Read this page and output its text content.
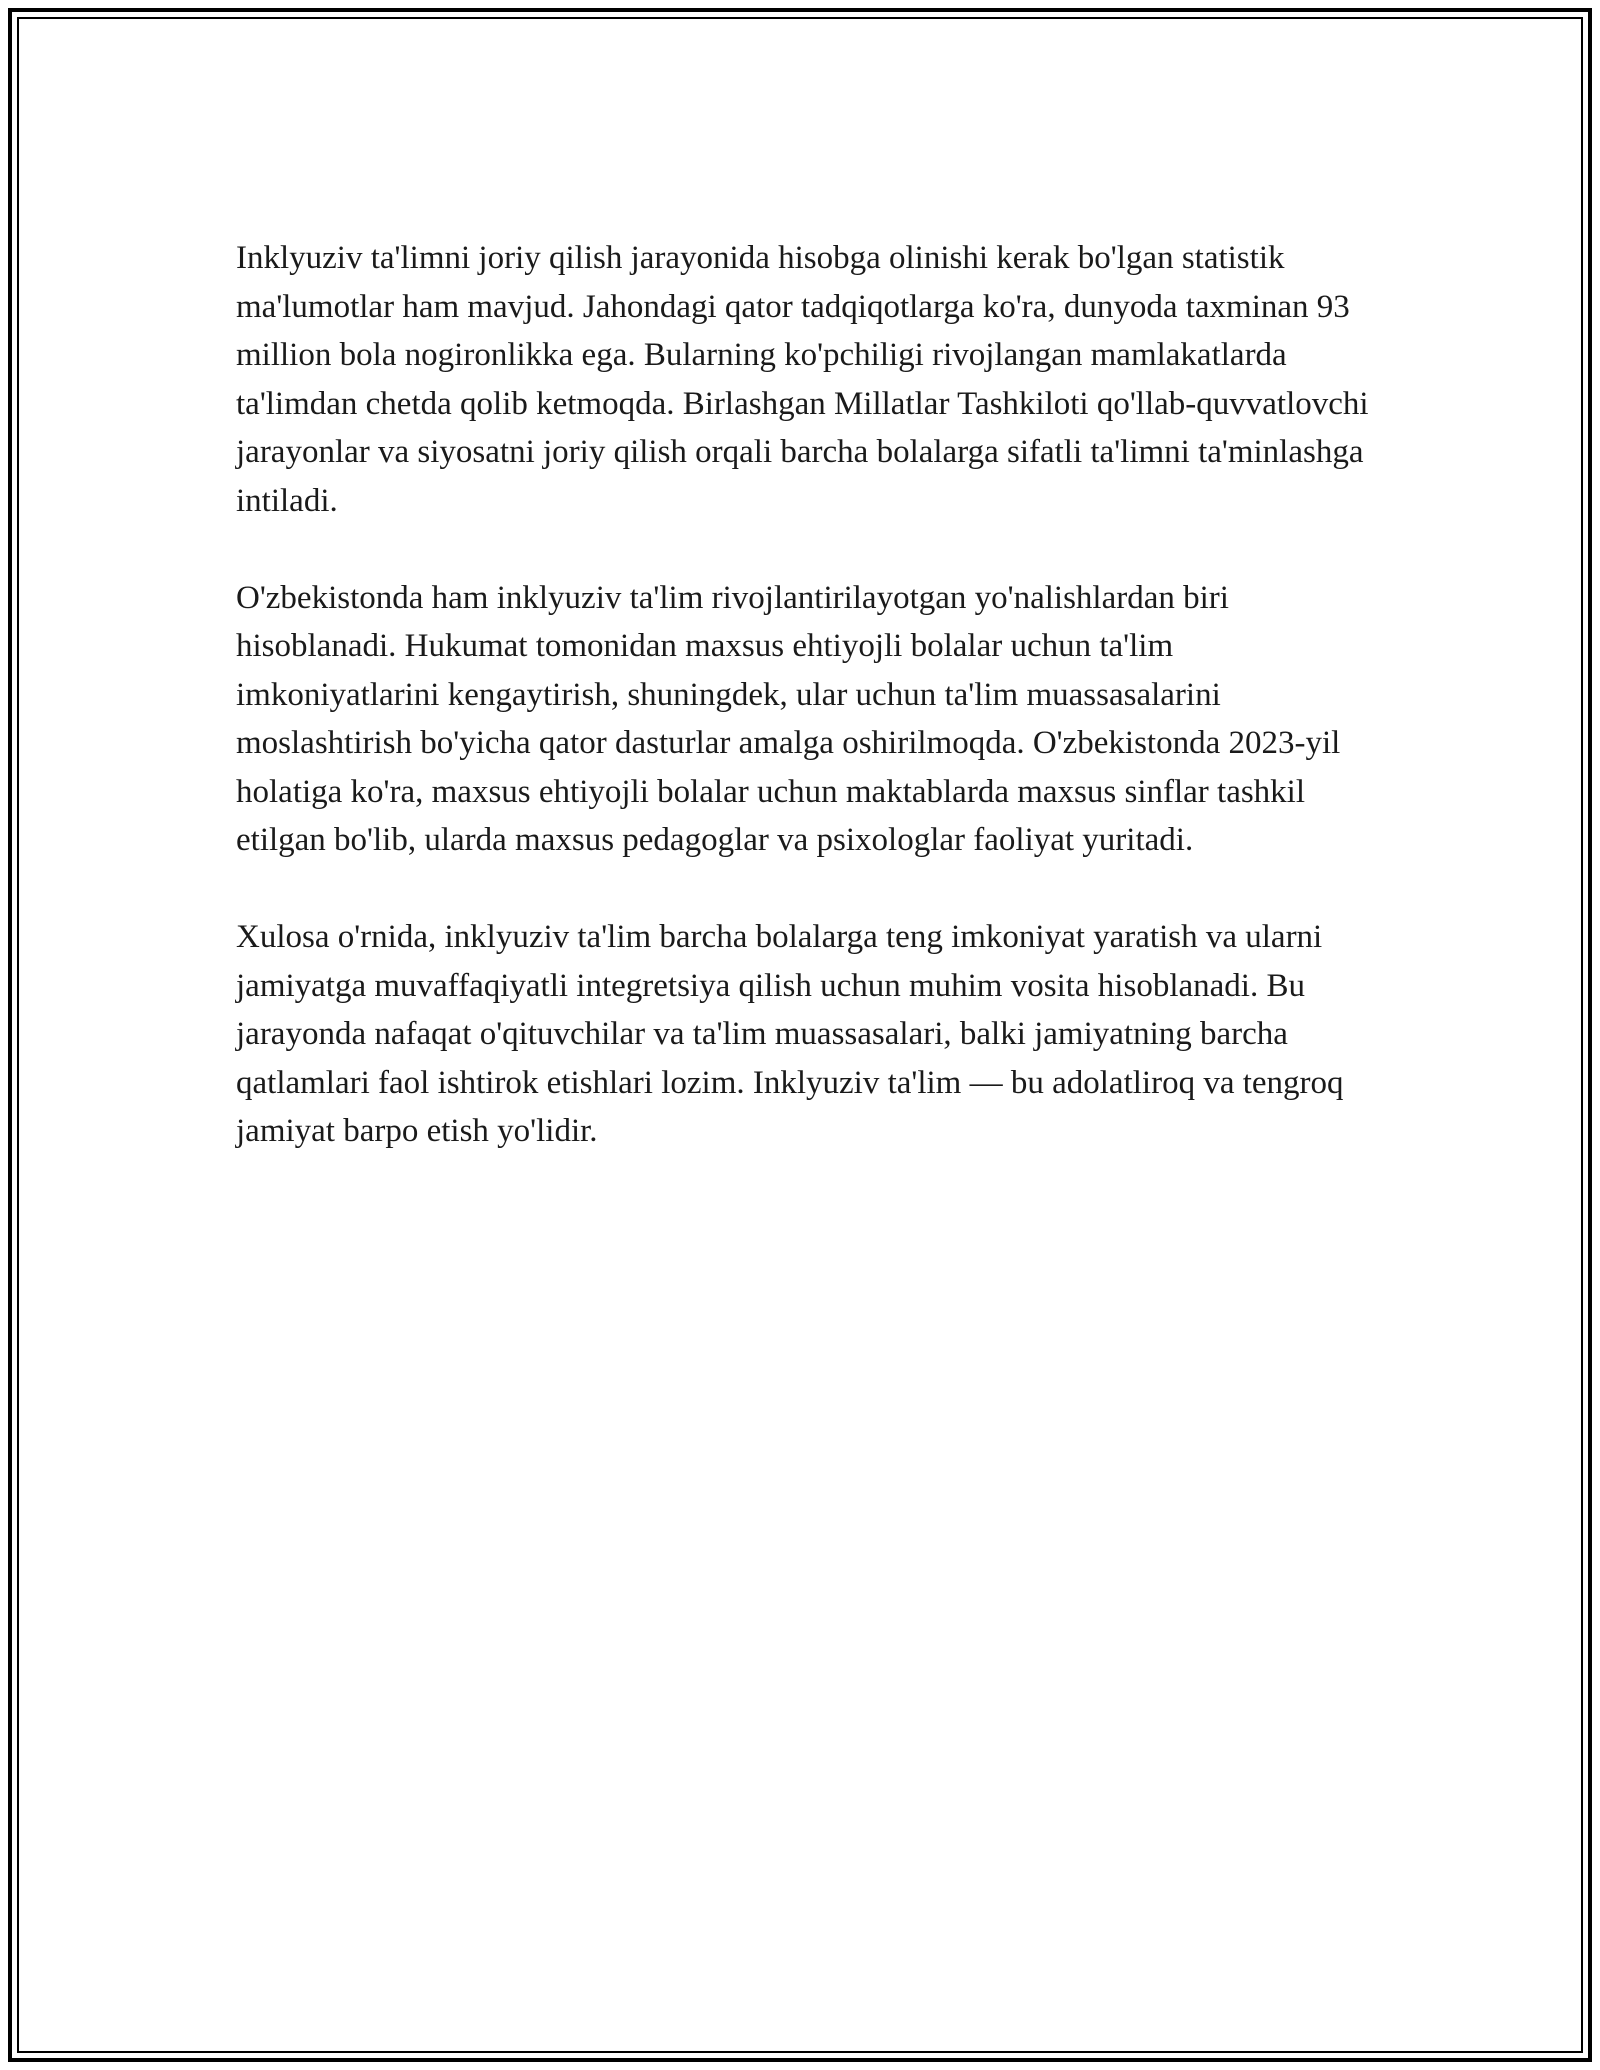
Inklyuziv ta'limni joriy qilish jarayonida hisobga olinishi kerak bo'lgan statistik ma'lumotlar ham mavjud. Jahondagi qator tadqiqotlarga ko'ra, dunyoda taxminan 93 million bola nogironlikka ega. Bularning ko'pchiligi rivojlangan mamlakatlarda ta'limdan chetda qolib ketmoqda. Birlashgan Millatlar Tashkiloti qo'llab-quvvatlovchi jarayonlar va siyosatni joriy qilish orqali barcha bolalarga sifatli ta'limni ta'minlashga intiladi.

O'zbekistonda ham inklyuziv ta'lim rivojlantirilayotgan yo'nalishlardan biri hisoblanadi. Hukumat tomonidan maxsus ehtiyojli bolalar uchun ta'lim imkoniyatlarini kengaytirish, shuningdek, ular uchun ta'lim muassasalarini moslashtirish bo'yicha qator dasturlar amalga oshirilmoqda. O'zbekistonda 2023-yil holatiga ko'ra, maxsus ehtiyojli bolalar uchun maktablarda maxsus sinflar tashkil etilgan bo'lib, ularda maxsus pedagoglar va psixologlar faoliyat yuritadi.

Xulosa o'rnida, inklyuziv ta'lim barcha bolalarga teng imkoniyat yaratish va ularni jamiyatga muvaffaqiyatli integretsiya qilish uchun muhim vosita hisoblanadi. Bu jarayonda nafaqat o'qituvchilar va ta'lim muassasalari, balki jamiyatning barcha qatlamlari faol ishtirok etishlari lozim. Inklyuziv ta'lim — bu adolatliroq va tengroq jamiyat barpo etish yo'lidir.
